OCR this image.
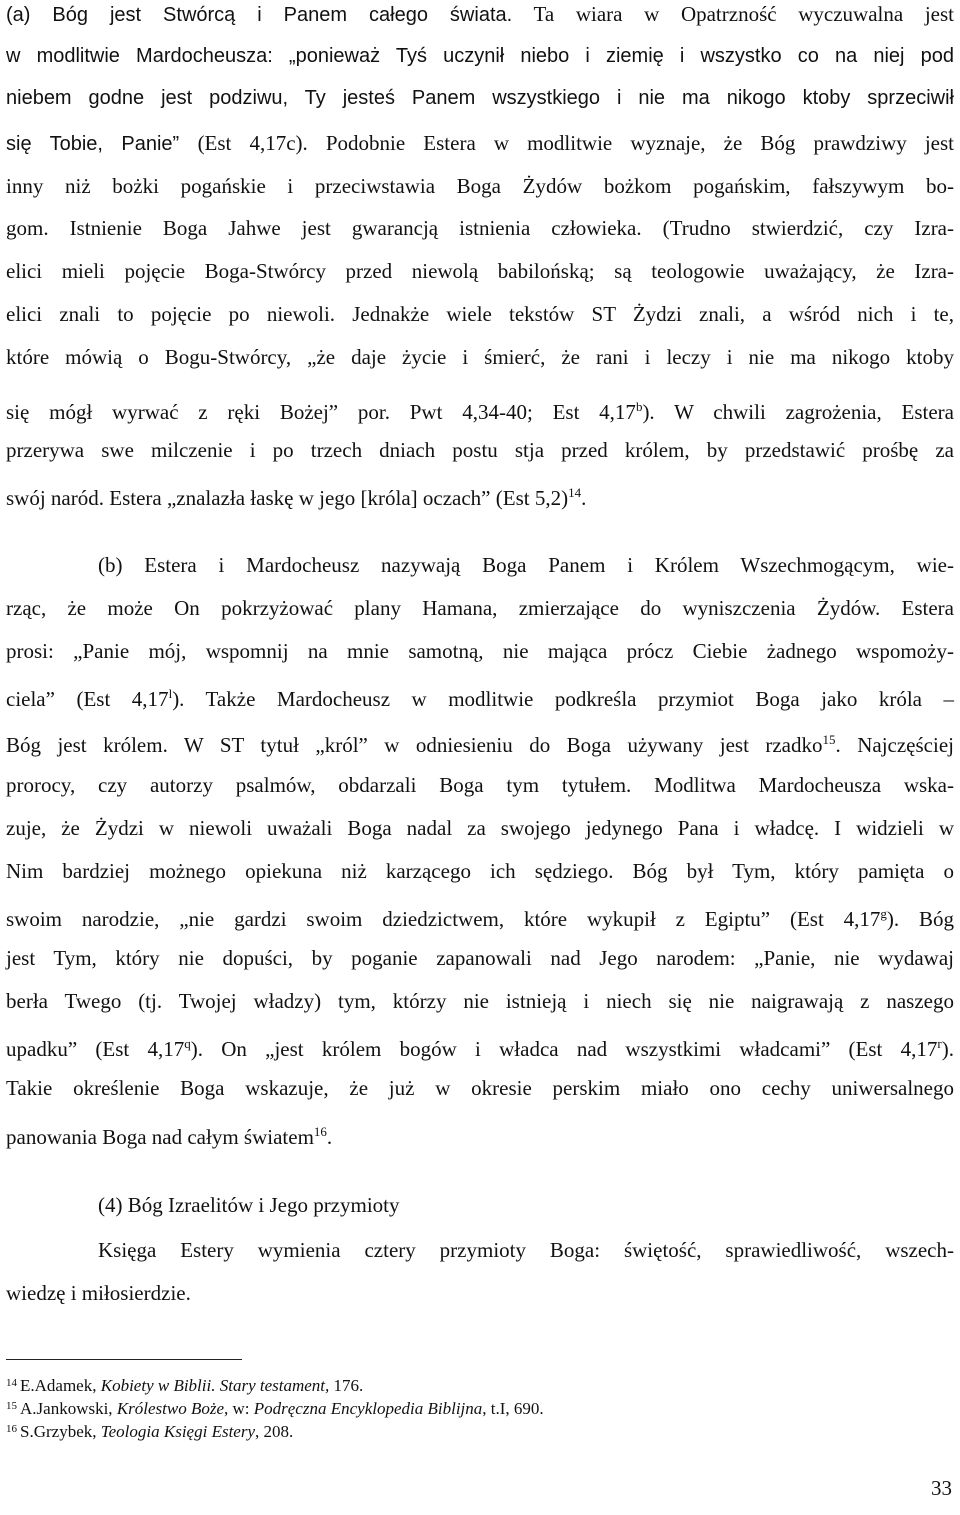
(a) Bóg jest Stwórcą i Panem całego świata. Ta wiara w Opatrzność wyczuwalna jest

w modlitwie Mardocheusza: „ponieważ Tyś uczynił niebo i ziemię i wszystko co na niej pod

niebem godne jest podziwu, Ty jesteś Panem wszystkiego i nie ma nikogo ktoby sprzeciwił

się Tobie, Panie” (Est 4,17c). Podobnie Estera w modlitwie wyznaje, że Bóg prawdziwy jest

inny niż bożki pogańskie i przeciwstawia Boga Żydów bożkom pogańskim, fałszywym bo-

gom. Istnienie Boga Jahwe jest gwarancją istnienia człowieka. (Trudno stwierdzić, czy Izra-

elici mieli pojęcie Boga-Stwórcy przed niewolą babilońską; są teologowie uważający, że Izra-

elici znali to pojęcie po niewoli. Jednakże wiele tekstów ST Żydzi znali, a wśród nich i te,

które mówią o Bogu-Stwórcy, „że daje życie i śmierć, że rani i leczy i nie ma nikogo ktoby

się mógł wyrwać z ręki Bożej” por. Pwt 4,34-40; Est 4,17$^b$). W chwili zagrożenia, Estera

przerywa swe milczenie i po trzech dniach postu stja przed królem, by przedstawić prośbę za

swój naród. Estera „znalazła łaskę w jego [króla] oczach” (Est 5,2)$^{14}$.

(b) Estera i Mardocheusz nazywają Boga Panem i Królem Wszechmogącym, wie-

rząc, że może On pokrzyżować plany Hamana, zmierzające do wyniszczenia Żydów. Estera

prosi: „Panie mój, wspomnij na mnie samotną, nie mająca prócz Ciebie żadnego wspomoży-

ciela” (Est 4,17$^l$). Także Mardocheusz w modlitwie podkreśla przymiot Boga jako króla –

Bóg jest królem. W ST tytuł „król” w odniesieniu do Boga używany jest rzadko$^{15}$. Najczęściej

prorocy, czy autorzy psalmów, obdarzali Boga tym tytułem. Modlitwa Mardocheusza wska-

zuje, że Żydzi w niewoli uważali Boga nadal za swojego jedynego Pana i władcę. I widzieli w

Nim bardziej możnego opiekuna niż karzącego ich sędziego. Bóg był Tym, który pamięta o

swoim narodzie, „nie gardzi swoim dziedzictwem, które wykupił z Egiptu” (Est 4,17$^g$). Bóg

jest Tym, który nie dopuści, by poganie zapanowali nad Jego narodem: „Panie, nie wydawaj

berła Twego (tj. Twojej władzy) tym, którzy nie istnieją i niech się nie naigrawają z naszego

upadku” (Est 4,17$^q$). On „jest królem bogów i władca nad wszystkimi władcami” (Est 4,17$^r$).

Takie określenie Boga wskazuje, że już w okresie perskim miało ono cechy uniwersalnego

panowania Boga nad całym światem$^{16}$.

(4) Bóg Izraelitów i Jego przymioty

Księga Estery wymienia cztery przymioty Boga: świętość, sprawiedliwość, wszech-

wiedzę i miłosierdzie.

$^{14}$ E.Adamek, Kobiety w Biblii. Stary testament, 176.

$^{15}$ A.Jankowski, Królestwo Boże, w: Podręczna Encyklopedia Biblijna, t.I, 690.

$^{16}$ S.Grzybek, Teologia Księgi Estery, 208.

33
